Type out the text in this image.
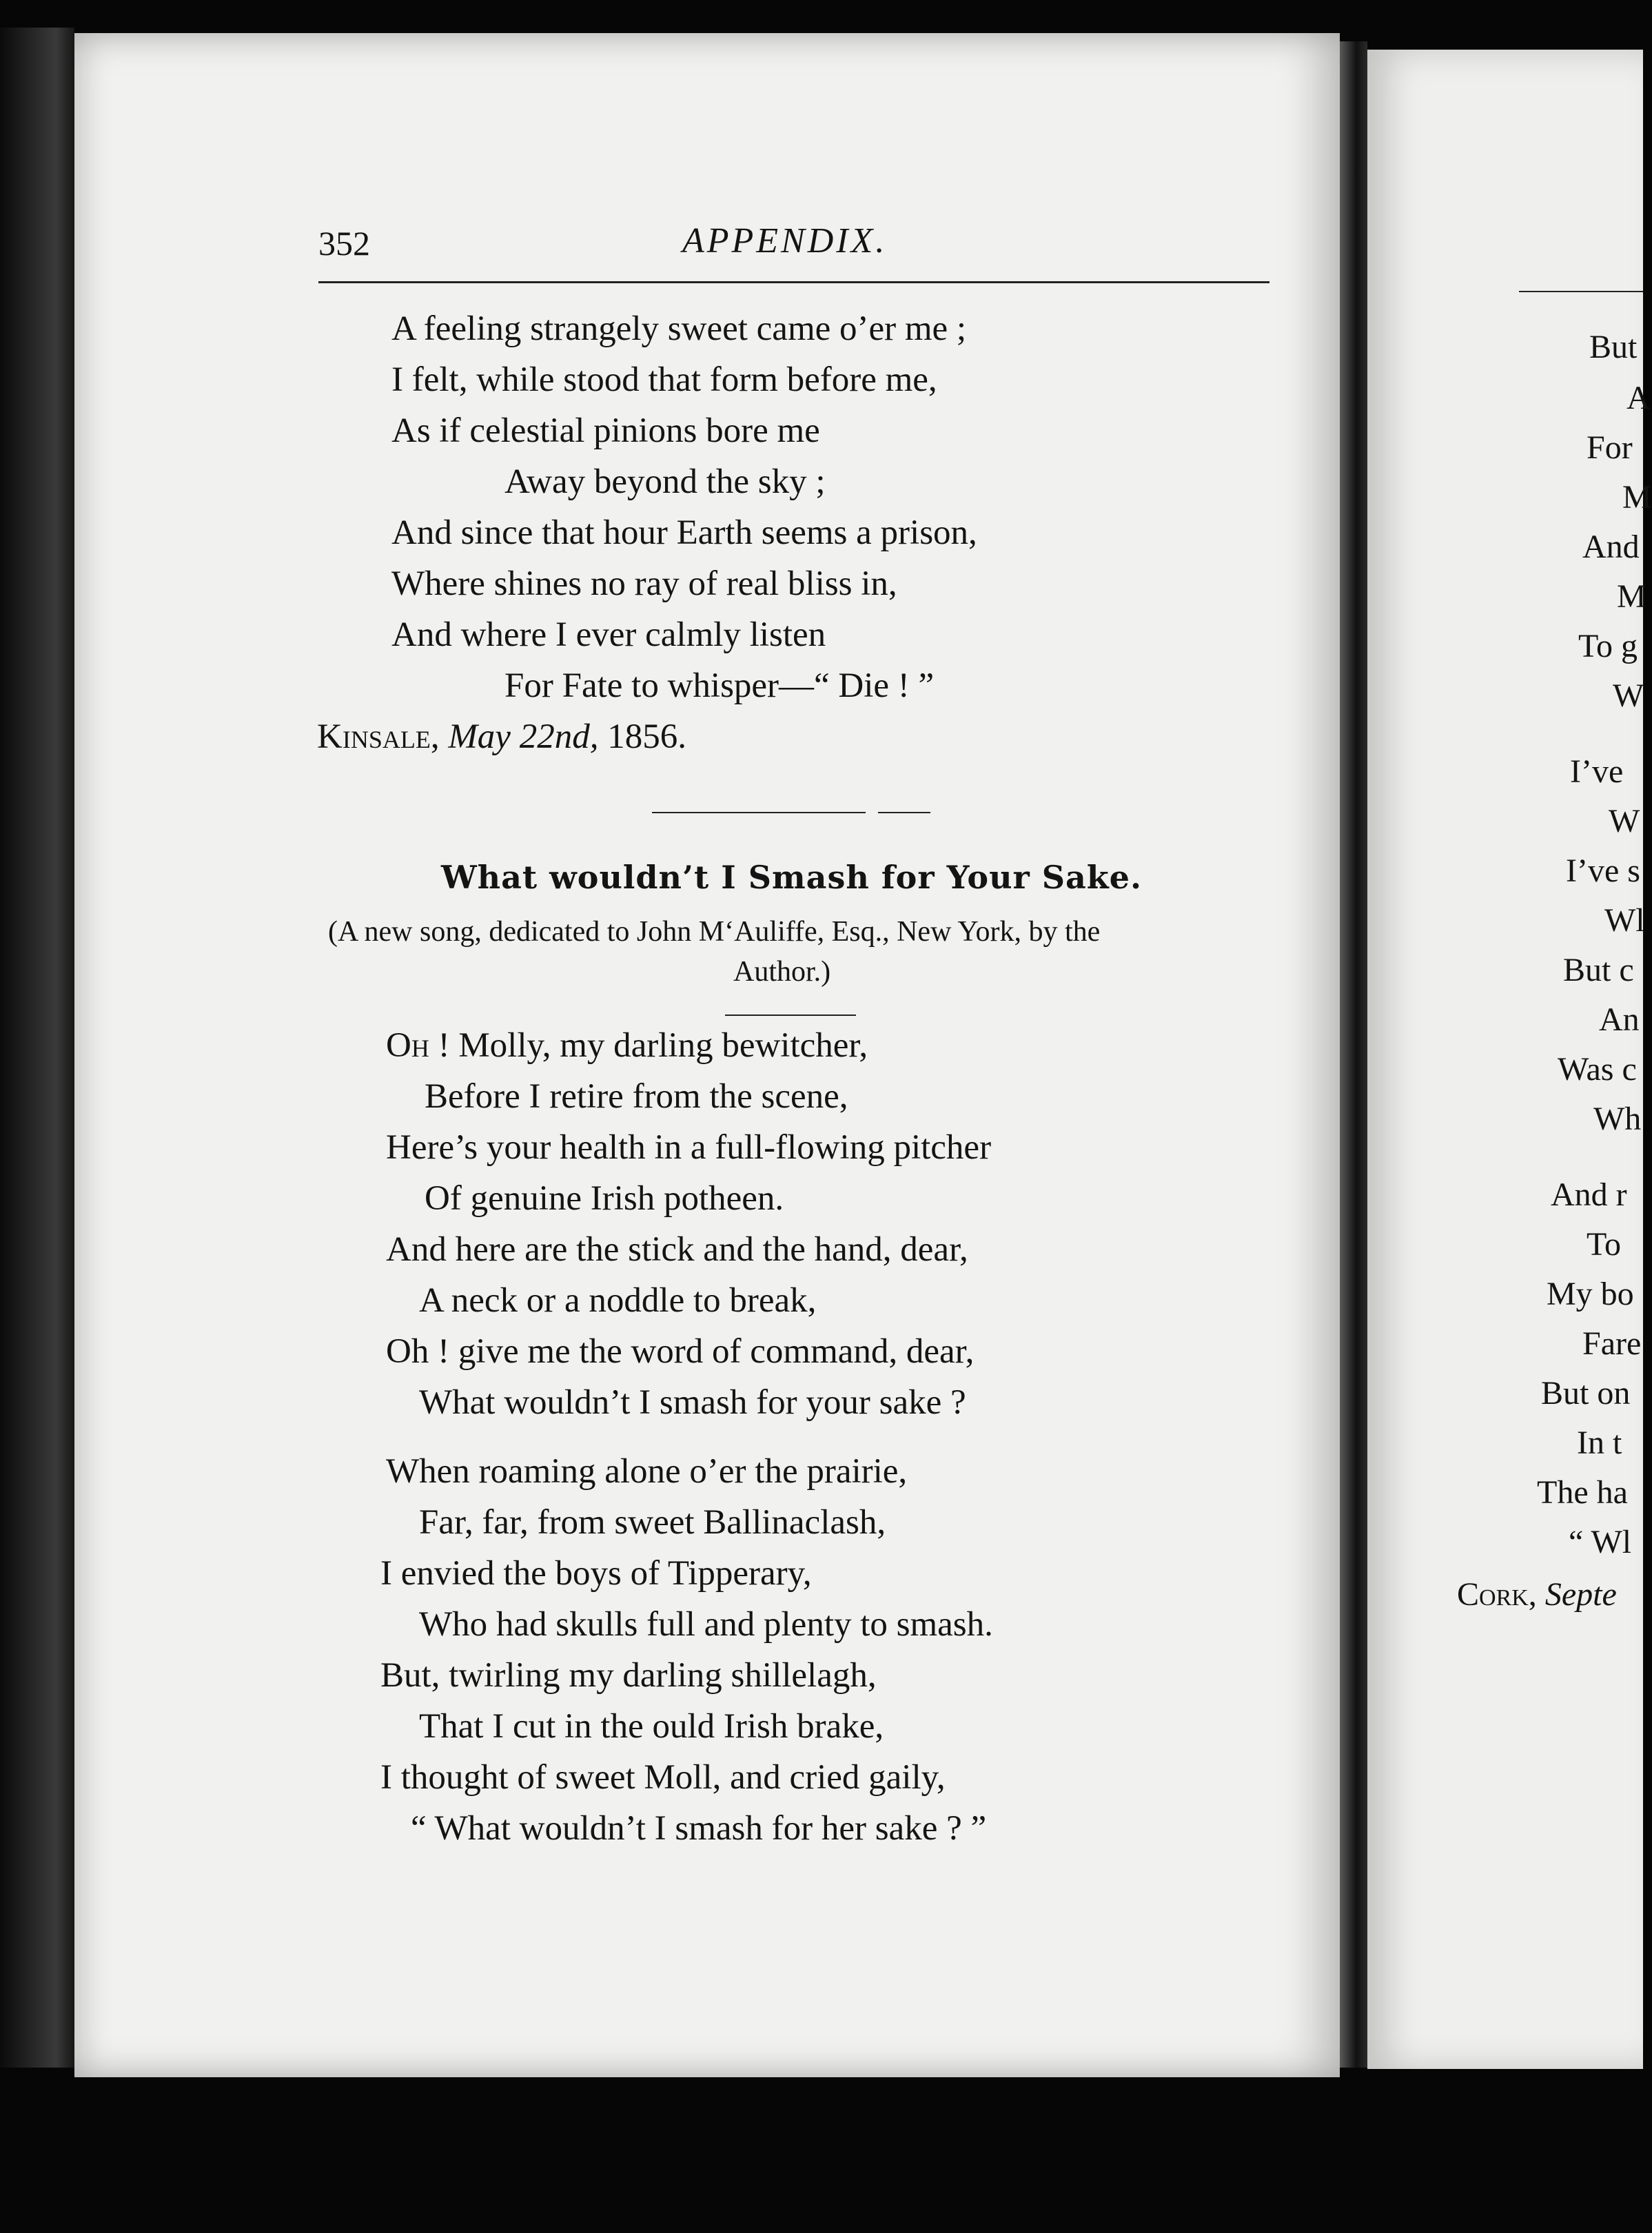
352	APPENDIX.
A feeling strangely sweet came o’er me ;
I felt, while stood that form before me,
As if celestial pinions bore me
Away beyond the sky ;
And since that hour Earth seems a prison,
Where shines no ray of real bliss in,
And where I ever calmly listen
For Fate to whisper—“ Die ! ”
Kinsale, May 22nd, 1856.
What wouldn’t I Smash for Your Sake.
(A new song, dedicated to John M‘Auliffe, Esq., New York, by the
Author.)
Oh ! Molly, my darling bewitcher,
Before I retire from the scene,
Here’s your health in a full-flowing pitcher
Of genuine Irish potheen.
And here are the stick and the hand, dear,
A neck or a noddle to break,
Oh ! give me the word of command, dear,
What wouldn’t I smash for your sake ?
When roaming alone o’er the prairie,
Far, far, from sweet Ballinaclash,
I envied the boys of Tipperary,
Who had skulls full and plenty to smash.
But, twirling my darling shillelagh,
That I cut in the ould Irish brake,
I thought of sweet Moll, and cried gaily,
“ What wouldn’t I smash for her sake ? ”
But
A
For
M
And
M
To g
W
I’ve
W
I’ve s
Wl
But c
An
Was c
Wh
And r
To
My bo
Fare
But on
In t
The ha
“ Wl
Cork, Septe
